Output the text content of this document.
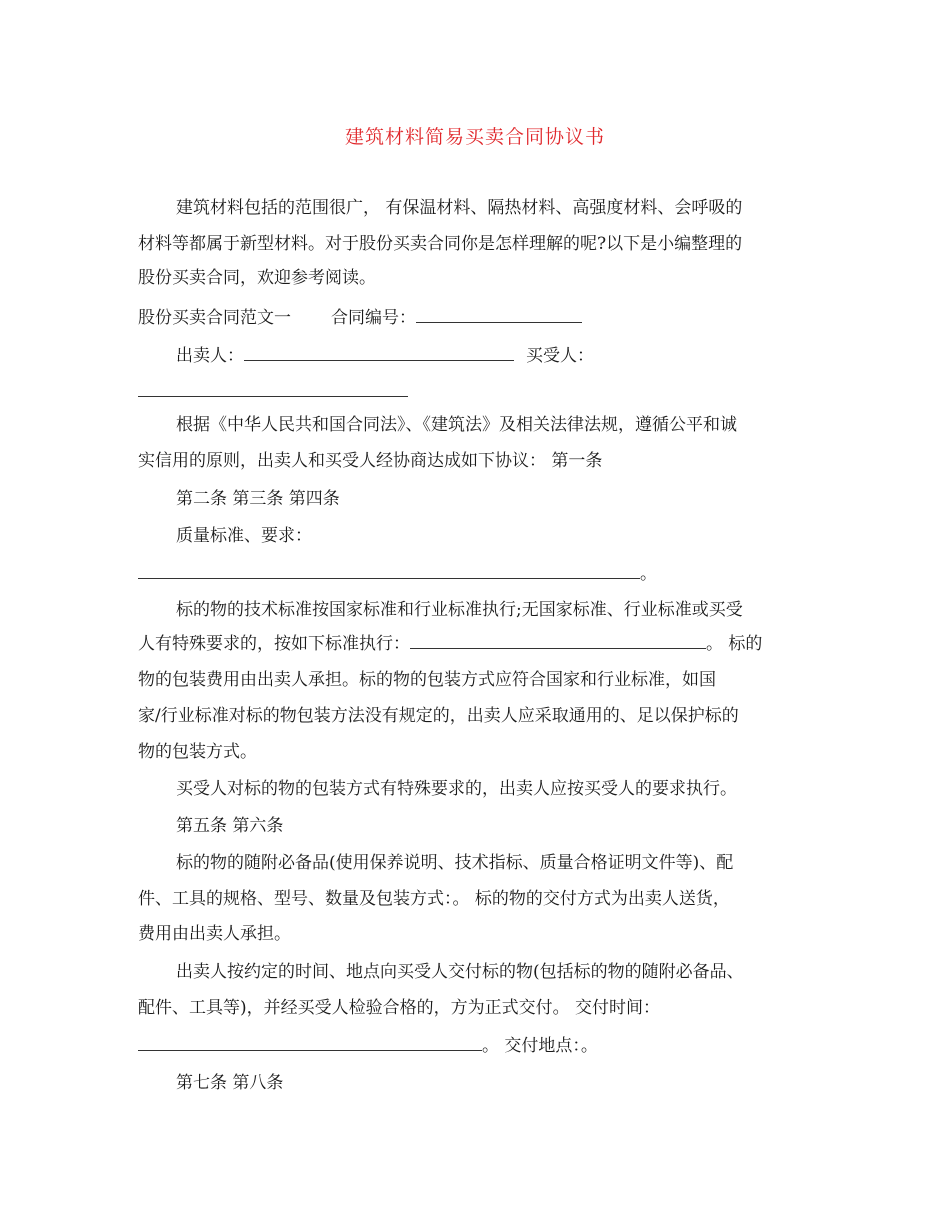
建筑材料简易买卖合同协议书
建筑材料包括的范围很广， 有保温材料、隔热材料、高强度材料、会呼吸的
材料等都属于新型材料。对于股份买卖合同你是怎样理解的呢?以下是小编整理的
股份买卖合同，欢迎参考阅读。
股份买卖合同范文一 合同编号：
出卖人：	买受人：
根据《中华人民共和国合同法》、《建筑法》及相关法律法规，遵循公平和诚
实信用的原则，出卖人和买受人经协商达成如下协议： 第一条
第二条 第三条 第四条
质量标准、要求：
。
标的物的技术标准按国家标准和行业标准执行;无国家标准、行业标准或买受
人有特殊要求的，按如下标准执行：	。 标的
物的包装费用由出卖人承担。标的物的包装方式应符合国家和行业标准，如国
家/行业标准对标的物包装方法没有规定的，出卖人应采取通用的、足以保护标的
物的包装方式。
买受人对标的物的包装方式有特殊要求的，出卖人应按买受人的要求执行。
第五条 第六条
标的物的随附必备品(使用保养说明、技术指标、质量合格证明文件等)、配
件、工具的规格、型号、数量及包装方式：。 标的物的交付方式为出卖人送货，
费用由出卖人承担。
出卖人按约定的时间、地点向买受人交付标的物(包括标的物的随附必备品、
配件、工具等)，并经买受人检验合格的，方为正式交付。 交付时间：
。 交付地点：。
第七条 第八条
